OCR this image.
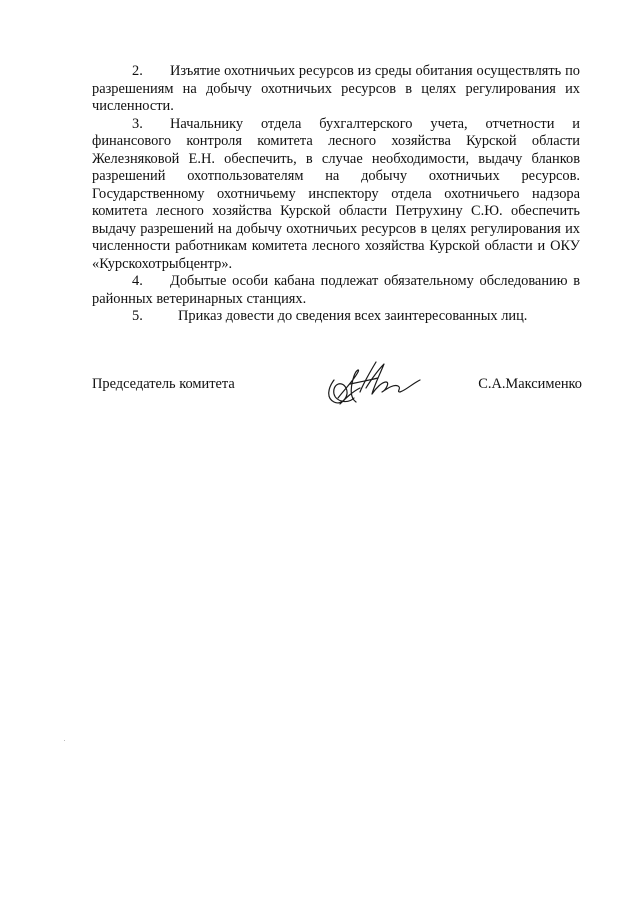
2. Изъятие охотничьих ресурсов из среды обитания осуществлять по разрешениям на добычу охотничьих ресурсов в целях регулирования их численности.

3. Начальнику отдела бухгалтерского учета, отчетности и финансового контроля комитета лесного хозяйства Курской области Железняковой Е.Н. обеспечить, в случае необходимости, выдачу бланков разрешений охотпользователям на добычу охотничьих ресурсов. Государственному охотничьему инспектору отдела охотничьего надзора комитета лесного хозяйства Курской области Петрухину С.Ю. обеспечить выдачу разрешений на добычу охотничьих ресурсов в целях регулирования их численности работникам комитета лесного хозяйства Курской области и ОКУ «Курскохотрыбцентр».

4. Добытые особи кабана подлежат обязательному обследованию в районных ветеринарных станциях.

5. Приказ довести до сведения всех заинтересованных лиц.

Председатель комитета	С.А.Максименко
